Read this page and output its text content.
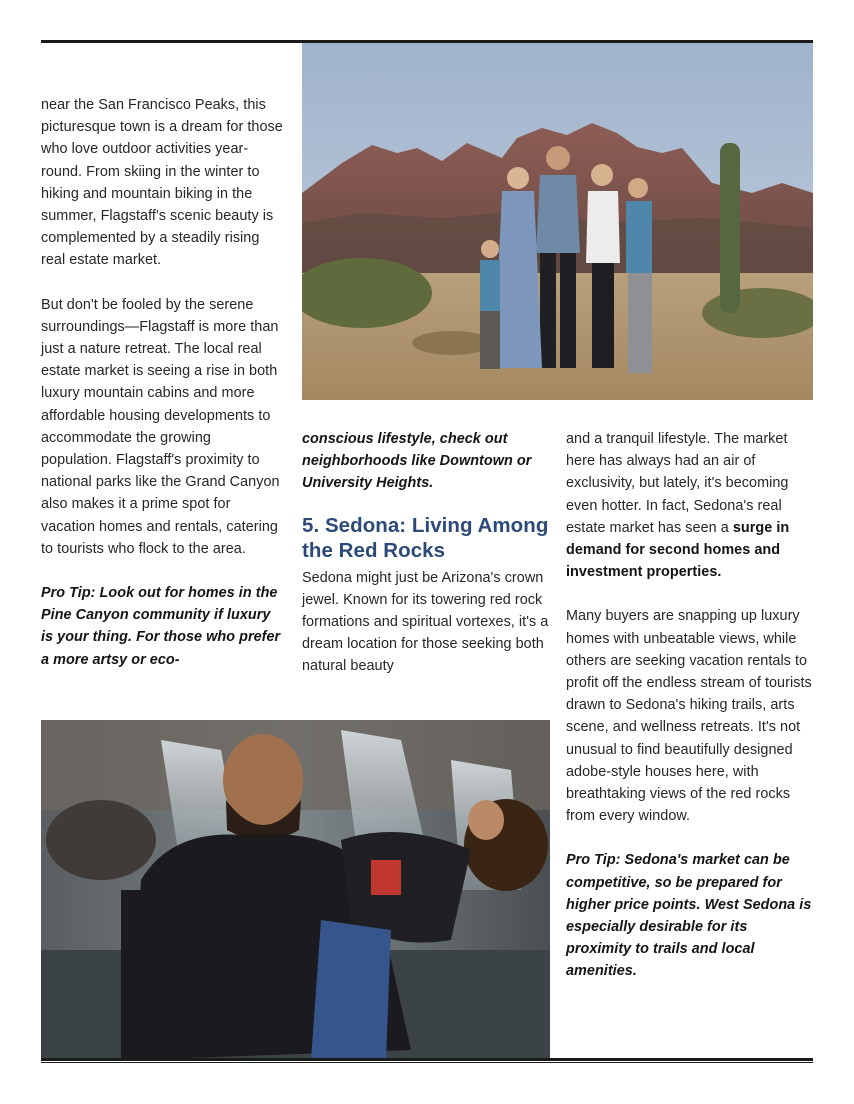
near the San Francisco Peaks, this picturesque town is a dream for those who love outdoor activities year-round. From skiing in the winter to hiking and mountain biking in the summer, Flagstaff's scenic beauty is complemented by a steadily rising real estate market.

But don't be fooled by the serene surroundings—Flagstaff is more than just a nature retreat. The local real estate market is seeing a rise in both luxury mountain cabins and more affordable housing developments to accommodate the growing population. Flagstaff's proximity to national parks like the Grand Canyon also makes it a prime spot for vacation homes and rentals, catering to tourists who flock to the area.

Pro Tip: Look out for homes in the Pine Canyon community if luxury is your thing. For those who prefer a more artsy or eco-

conscious lifestyle, check out neighborhoods like Downtown or University Heights.

5. Sedona: Living Among the Red Rocks

Sedona might just be Arizona's crown jewel. Known for its towering red rock formations and spiritual vortexes, it's a dream location for those seeking both natural beauty

and a tranquil lifestyle. The market here has always had an air of exclusivity, but lately, it's becoming even hotter. In fact, Sedona's real estate market has seen a surge in demand for second homes and investment properties.

Many buyers are snapping up luxury homes with unbeatable views, while others are seeking vacation rentals to profit off the endless stream of tourists drawn to Sedona's hiking trails, arts scene, and wellness retreats. It's not unusual to find beautifully designed adobe-style houses here, with breathtaking views of the red rocks from every window.

Pro Tip: Sedona's market can be competitive, so be prepared for higher price points. West Sedona is especially desirable for its proximity to trails and local amenities.
